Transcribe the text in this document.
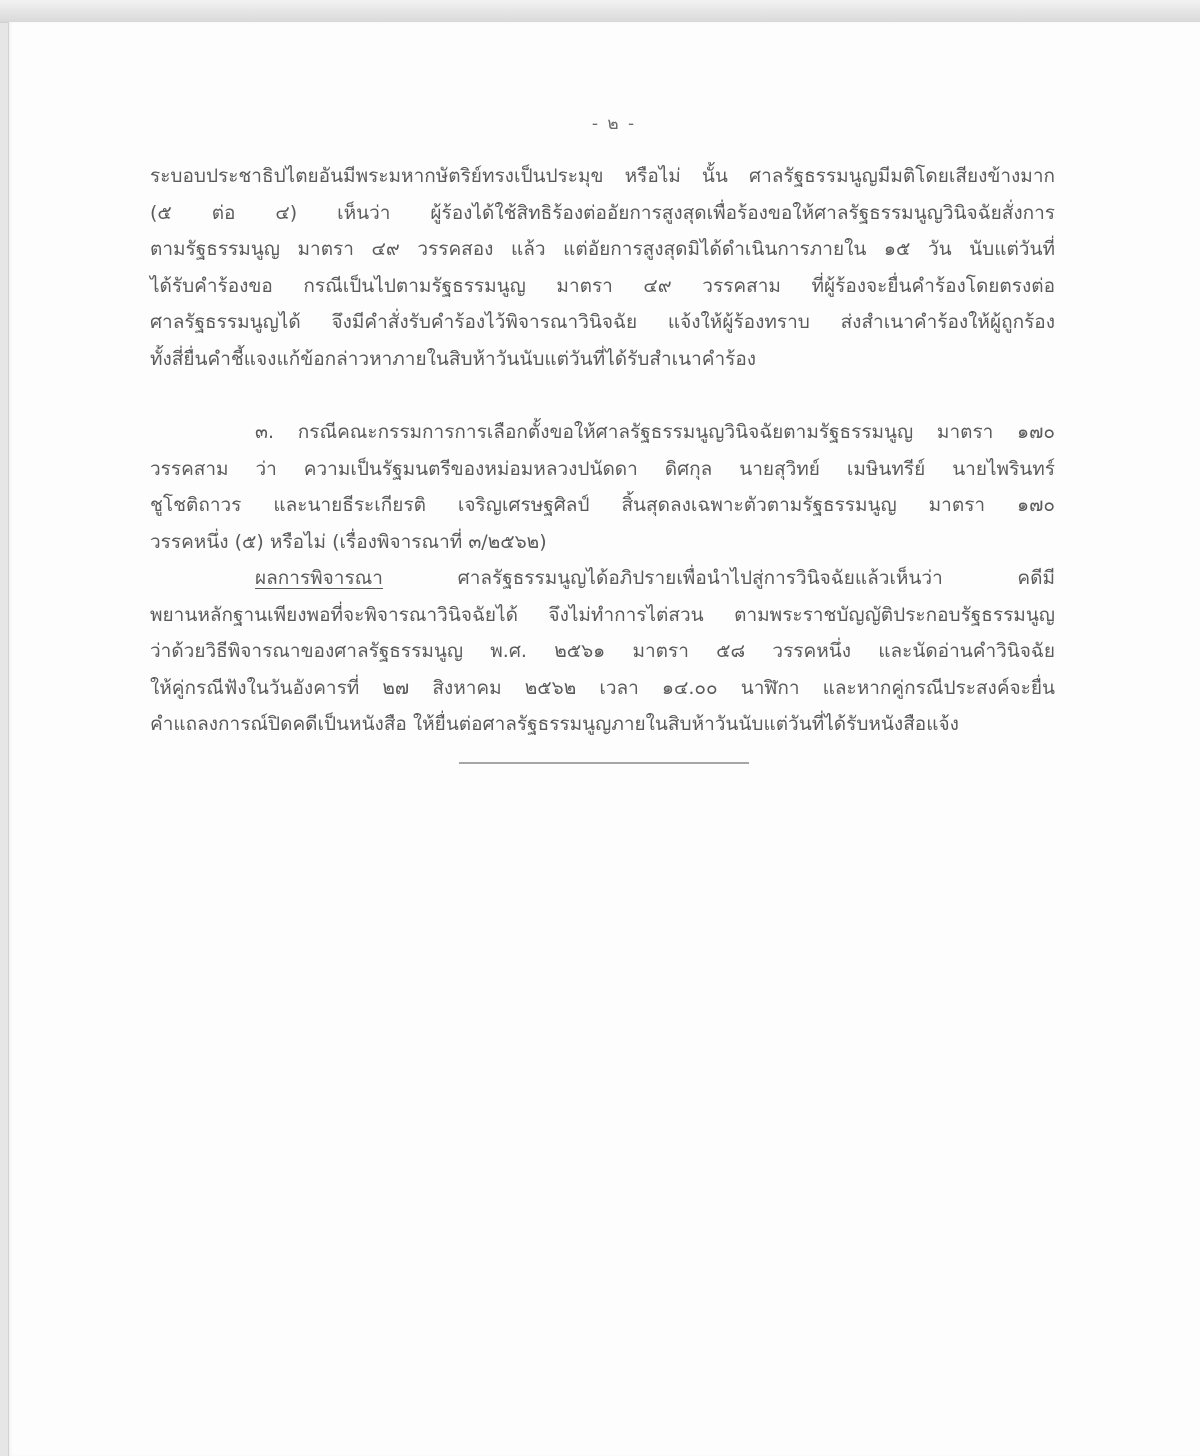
- ๒ -
ระบอบประชาธิปไตยอันมีพระมหากษัตริย์ทรงเป็นประมุข หรือไม่ นั้น ศาลรัฐธรรมนูญมีมติโดยเสียงข้างมาก
(๕ ต่อ ๔) เห็นว่า ผู้ร้องได้ใช้สิทธิร้องต่ออัยการสูงสุดเพื่อร้องขอให้ศาลรัฐธรรมนูญวินิจฉัยสั่งการ
ตามรัฐธรรมนูญ มาตรา ๔๙ วรรคสอง แล้ว แต่อัยการสูงสุดมิได้ดำเนินการภายใน ๑๕ วัน นับแต่วันที่
ได้รับคำร้องขอ กรณีเป็นไปตามรัฐธรรมนูญ มาตรา ๔๙ วรรคสาม ที่ผู้ร้องจะยื่นคำร้องโดยตรงต่อ
ศาลรัฐธรรมนูญได้ จึงมีคำสั่งรับคำร้องไว้พิจารณาวินิจฉัย แจ้งให้ผู้ร้องทราบ ส่งสำเนาคำร้องให้ผู้ถูกร้อง
ทั้งสี่ยื่นคำชี้แจงแก้ข้อกล่าวหาภายในสิบห้าวันนับแต่วันที่ได้รับสำเนาคำร้อง
๓. กรณีคณะกรรมการการเลือกตั้งขอให้ศาลรัฐธรรมนูญวินิจฉัยตามรัฐธรรมนูญ มาตรา ๑๗๐
วรรคสาม ว่า ความเป็นรัฐมนตรีของหม่อมหลวงปนัดดา ดิศกุล นายสุวิทย์ เมษินทรีย์ นายไพรินทร์
ชูโชติถาวร และนายธีระเกียรติ เจริญเศรษฐศิลป์ สิ้นสุดลงเฉพาะตัวตามรัฐธรรมนูญ มาตรา ๑๗๐
วรรคหนึ่ง (๕) หรือไม่ (เรื่องพิจารณาที่ ๓/๒๕๖๒)
ผลการพิจารณา ศาลรัฐธรรมนูญได้อภิปรายเพื่อนำไปสู่การวินิจฉัยแล้วเห็นว่า คดีมี
พยานหลักฐานเพียงพอที่จะพิจารณาวินิจฉัยได้ จึงไม่ทำการไต่สวน ตามพระราชบัญญัติประกอบรัฐธรรมนูญ
ว่าด้วยวิธีพิจารณาของศาลรัฐธรรมนูญ พ.ศ. ๒๕๖๑ มาตรา ๕๘ วรรคหนึ่ง และนัดอ่านคำวินิจฉัย
ให้คู่กรณีฟังในวันอังคารที่ ๒๗ สิงหาคม ๒๕๖๒ เวลา ๑๔.๐๐ นาฬิกา และหากคู่กรณีประสงค์จะยื่น
คำแถลงการณ์ปิดคดีเป็นหนังสือ ให้ยื่นต่อศาลรัฐธรรมนูญภายในสิบห้าวันนับแต่วันที่ได้รับหนังสือแจ้ง
